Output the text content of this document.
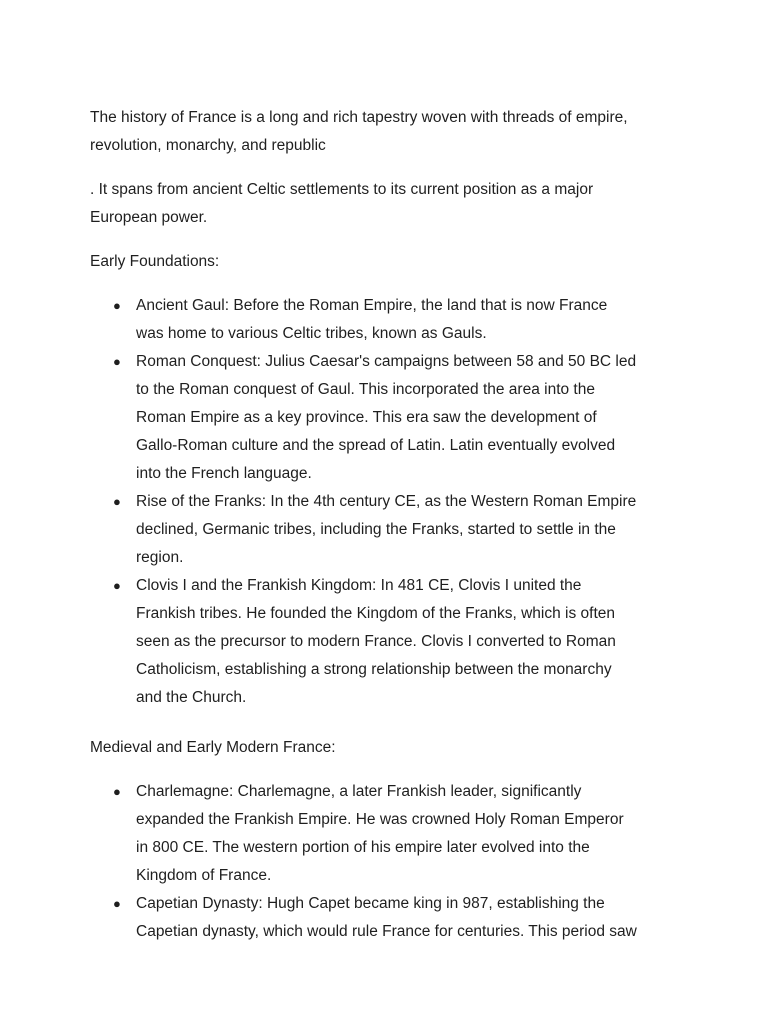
The history of France is a long and rich tapestry woven with threads of empire, revolution, monarchy, and republic

. It spans from ancient Celtic settlements to its current position as a major European power.

Early Foundations:

● Ancient Gaul: Before the Roman Empire, the land that is now France was home to various Celtic tribes, known as Gauls.
● Roman Conquest: Julius Caesar's campaigns between 58 and 50 BC led to the Roman conquest of Gaul. This incorporated the area into the Roman Empire as a key province. This era saw the development of Gallo-Roman culture and the spread of Latin. Latin eventually evolved into the French language.
● Rise of the Franks: In the 4th century CE, as the Western Roman Empire declined, Germanic tribes, including the Franks, started to settle in the region.
● Clovis I and the Frankish Kingdom: In 481 CE, Clovis I united the Frankish tribes. He founded the Kingdom of the Franks, which is often seen as the precursor to modern France. Clovis I converted to Roman Catholicism, establishing a strong relationship between the monarchy and the Church.

Medieval and Early Modern France:

● Charlemagne: Charlemagne, a later Frankish leader, significantly expanded the Frankish Empire. He was crowned Holy Roman Emperor in 800 CE. The western portion of his empire later evolved into the Kingdom of France.
● Capetian Dynasty: Hugh Capet became king in 987, establishing the Capetian dynasty, which would rule France for centuries. This period saw
